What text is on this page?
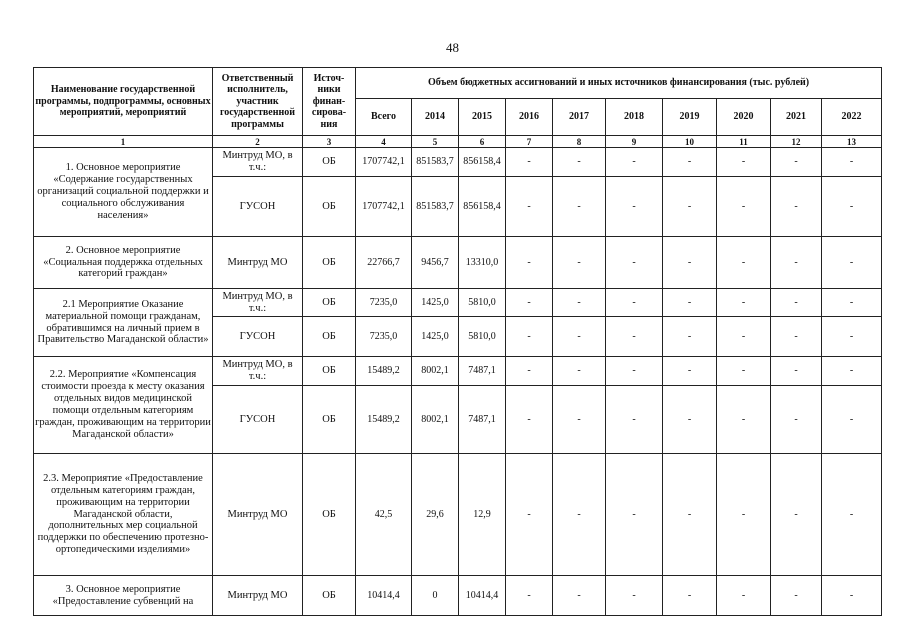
48
Наименование государственной программы, подпрограммы, основных мероприятий, мероприятий	Ответственный исполнитель, участник государственной программы	Источ-ники финан-сирова-ния	Объем бюджетных ассигнований и иных источников финансирования (тыс. рублей)									
			Всего	2014	2015	2016	2017	2018	2019	2020	2021	2022
1	2	3	4	5	6	7	8	9	10	11	12	13
1. Основное мероприятие «Содержание государственных организаций социальной поддержки и социального обслуживания населения»	Минтруд МО, в т.ч.:	ОБ	1707742,1	851583,7	856158,4	-	-	-	-	-	-	-
	ГУСОН	ОБ	1707742,1	851583,7	856158,4	-	-	-	-	-	-	-
2. Основное мероприятие «Социальная поддержка отдельных категорий граждан»	Минтруд МО	ОБ	22766,7	9456,7	13310,0	-	-	-	-	-	-	-
2.1 Мероприятие Оказание материальной помощи гражданам, обратившимся на личный прием в Правительство Магаданской области»	Минтруд МО, в т.ч.:	ОБ	7235,0	1425,0	5810,0	-	-	-	-	-	-	-
	ГУСОН	ОБ	7235,0	1425,0	5810,0	-	-	-	-	-	-	-
2.2. Мероприятие «Компенсация стоимости проезда к месту оказания отдельных видов медицинской помощи отдельным категориям граждан, проживающим на территории Магаданской области»	Минтруд МО, в т.ч.:	ОБ	15489,2	8002,1	7487,1	-	-	-	-	-	-	-
	ГУСОН	ОБ	15489,2	8002,1	7487,1	-	-	-	-	-	-	-
2.3. Мероприятие «Предоставление отдельным категориям граждан, проживающим на территории Магаданской области, дополнительных мер социальной поддержки по обеспечению протезно-ортопедическими изделиями»	Минтруд МО	ОБ	42,5	29,6	12,9	-	-	-	-	-	-	-
3. Основное мероприятие «Предоставление субвенций на	Минтруд МО	ОБ	10414,4	0	10414,4	-	-	-	-	-	-	-
